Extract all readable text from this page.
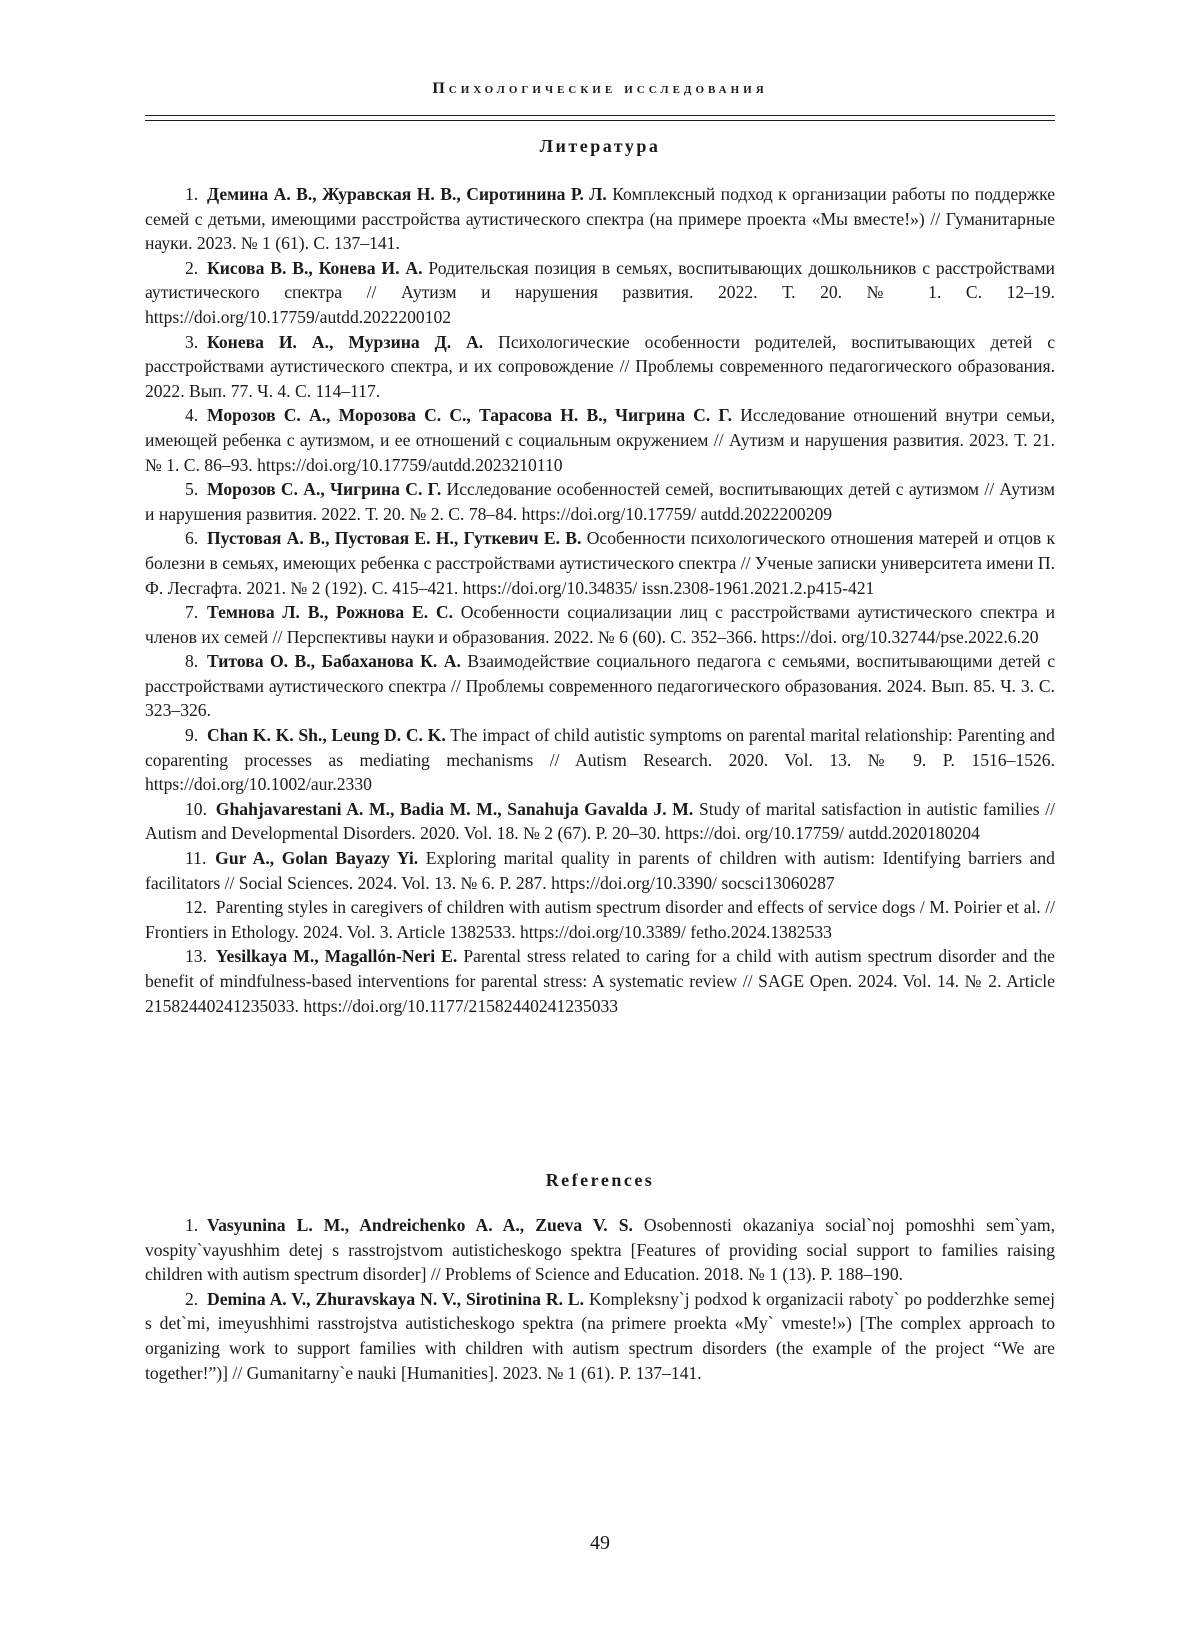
Психологические исследования
Литература

1.  Демина А. В., Журавская Н. В., Сиротинина Р. Л. Комплексный подход к организации работы по поддержке семей с детьми, имеющими расстройства аутистического спектра (на примере проекта «Мы вместе!») // Гуманитарные науки. 2023. № 1 (61). С. 137–141.

2.  Кисова В. В., Конева И. А. Родительская позиция в семьях, воспитывающих дошкольников с расстройствами аутистического спектра // Аутизм и нарушения развития. 2022. Т. 20. № 1. С. 12–19. https://doi.org/10.17759/autdd.2022200102

3.  Конева И. А., Мурзина Д. А. Психологические особенности родителей, воспитывающих детей с расстройствами аутистического спектра, и их сопровождение // Проблемы современного педагогиче­ского образования. 2022. Вып. 77. Ч. 4. С. 114–117.

4.  Морозов С. А., Морозова С. С., Тарасова Н. В., Чигрина С. Г. Исследование отношений внутри семьи, имеющей ребенка с аутизмом, и ее отношений с социальным окружением // Аутизм и нару­шения развития. 2023. Т. 21. № 1. С. 86–93. https://doi.org/10.17759/autdd.2023210110

5.  Морозов С. А., Чигрина С. Г. Исследование особенностей семей, воспитывающих де­тей с аутизмом // Аутизм и нарушения развития. 2022. Т. 20. № 2. С. 78–84. https://doi.org/10.17759/ autdd.2022200209

6.  Пустовая А. В., Пустовая Е. Н., Гуткевич Е. В. Особенности психологического отношения матерей и отцов к болезни в семьях, имеющих ребенка с расстройствами аутистического спектра // Уче­ные записки университета имени П. Ф. Лесгафта. 2021. № 2 (192). С. 415–421. https://doi.org/10.34835/ issn.2308-1961.2021.2.p415-421

7.  Темнова Л. В., Рожнова Е. С. Особенности социализации лиц с расстройствами аутистического спектра и членов их семей // Перспективы науки и образования. 2022. № 6 (60). С. 352–366. https://doi. org/10.32744/pse.2022.6.20

8.  Титова О. В., Бабаханова К. А. Взаимодействие социального педагога с семьями, воспиты­вающими детей с расстройствами аутистического спектра // Проблемы современного педагогического образования. 2024. Вып. 85. Ч. 3. С. 323–326.

9.  Chan K. K. Sh., Leung D. C. K. The impact of child autistic symptoms on parental marital relation­ship: Parenting and coparenting processes as mediating mechanisms // Autism Research. 2020. Vol. 13. № 9. P. 1516–1526. https://doi.org/10.1002/aur.2330

10.  Ghahjavarestani A. M., Badia M. M., Sanahuja Gavalda J. M. Study of marital satisfaction in autis­tic families // Autism and Developmental Disorders. 2020. Vol. 18. № 2 (67). P. 20–30. https://doi. org/10.17759/ autdd.2020180204

11.  Gur A., Golan Bayazy Yi. Exploring marital quality in parents of children with autism: Iden­tifying barriers and facilitators // Social Sciences. 2024. Vol. 13. № 6. P. 287. https://doi.org/10.3390/ socsci13060287

12.  Parenting styles in caregivers of children with autism spectrum disorder and effects of service dogs / M. Poirier et al. // Frontiers in Ethology. 2024. Vol. 3. Article 1382533. https://doi.org/10.3389/ fetho.2024.1382533

13.  Yesilkaya M., Magallón-Neri E. Parental stress related to caring for a child with autism spectrum disorder and the benefit of mindfulness-based interventions for parental stress: A systematic review // SAGE Open. 2024. Vol. 14. № 2. Article 21582440241235033. https://doi.org/10.1177/21582440241235033

References

1.  Vasyunina L. M., Andreichenko A. A., Zueva V. S. Osobennosti okazaniya social`noj pomoshhi sem`yam, vospity`vayushhim detej s rasstrojstvom autisticheskogo spektra [Features of providing social sup­port to families raising children with autism spectrum disorder] // Problems of Science and Education. 2018. № 1 (13). P. 188–190.

2.  Demina A. V., Zhuravskaya N. V., Sirotinina R. L. Kompleksny`j podxod k organizacii raboty` po podderzhke semej s det`mi, imeyushhimi rasstrojstva autisticheskogo spektra (na primere proekta «My` vmeste!») [The complex approach to organizing work to support families with children with autism spectrum disorders (the example of the project “We are together!”)] // Gumanitarny`e nauki [Humanities]. 2023. № 1 (61). P. 137–141.

49
